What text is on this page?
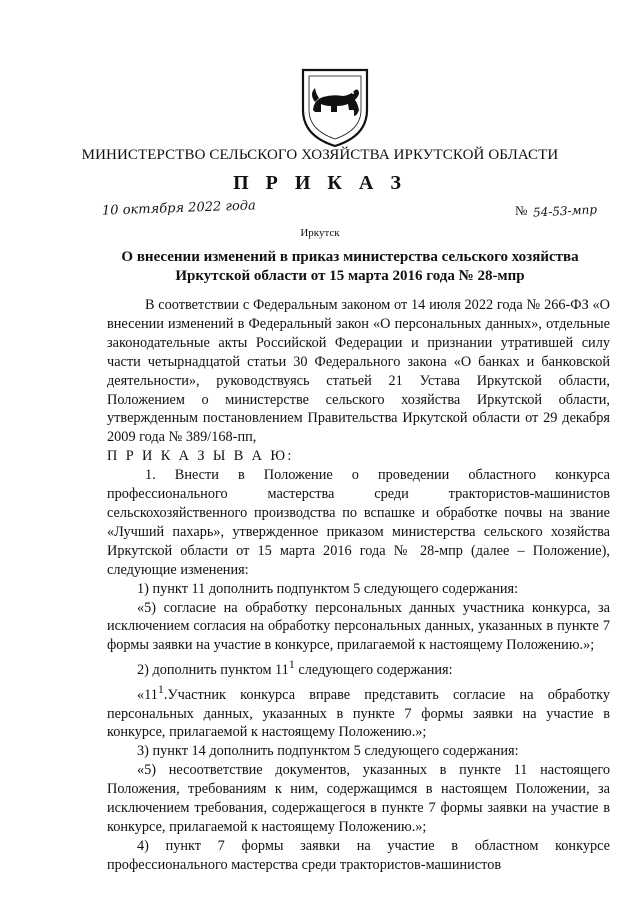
МИНИСТЕРСТВО СЕЛЬСКОГО ХОЗЯЙСТВА ИРКУТСКОЙ ОБЛАСТИ
П Р И К А З
10 октября 2022 года	№ 54-53-мпр
Иркутск
О внесении изменений в приказ министерства сельского хозяйства
Иркутской области от 15 марта 2016 года № 28-мпр

В соответствии с Федеральным законом от 14 июля 2022 года № 266-ФЗ «О внесении изменений в Федеральный закон «О персональных данных», отдельные законодательные акты Российской Федерации и признании утратившей силу части четырнадцатой статьи 30 Федерального закона «О банках и банковской деятельности», руководствуясь статьей 21 Устава Иркутской области, Положением о министерстве сельского хозяйства Иркутской области, утвержденным постановлением Правительства Иркутской области от 29 декабря 2009 года № 389/168-пп,

П Р И К А З Ы В А Ю:

1. Внести в Положение о проведении областного конкурса профессионального мастерства среди трактористов-машинистов сельскохозяйственного производства по вспашке и обработке почвы на звание «Лучший пахарь», утвержденное приказом министерства сельского хозяйства Иркутской области от 15 марта 2016 года № 28-мпр (далее – Положение), следующие изменения:

1) пункт 11 дополнить подпунктом 5 следующего содержания:

«5) согласие на обработку персональных данных участника конкурса, за исключением согласия на обработку персональных данных, указанных в пункте 7 формы заявки на участие в конкурсе, прилагаемой к настоящему Положению.»;

2) дополнить пунктом $11^1$ следующего содержания:

«$11^1.Участник$ конкурса вправе представить согласие на обработку персональных данных, указанных в пункте 7 формы заявки на участие в конкурсе, прилагаемой к настоящему Положению.»;

3) пункт 14 дополнить подпунктом 5 следующего содержания:

«5) несоответствие документов, указанных в пункте 11 настоящего Положения, требованиям к ним, содержащимся в настоящем Положении, за исключением требования, содержащегося в пункте 7 формы заявки на участие в конкурсе, прилагаемой к настоящему Положению.»;

4) пункт 7 формы заявки на участие в областном конкурсе профессионального мастерства среди трактористов-машинистов
